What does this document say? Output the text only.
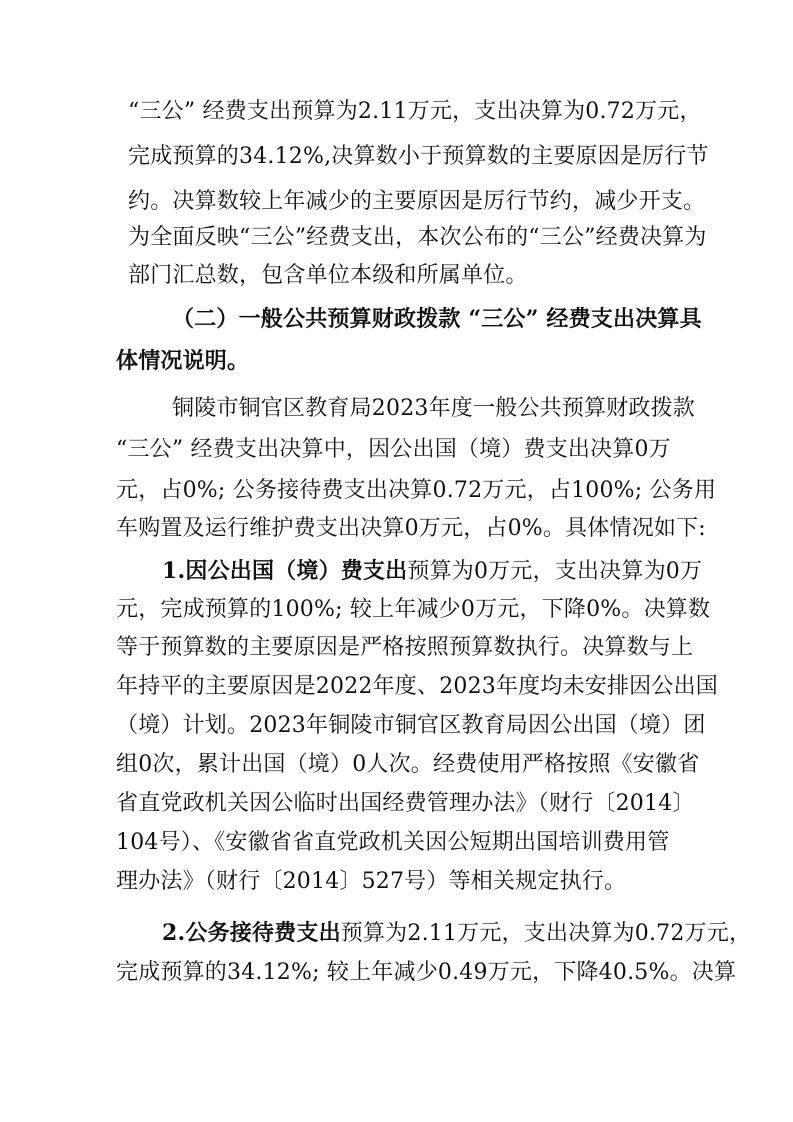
“三公” 经费支出预算为2.11万元，支出决算为0.72万元，
完成预算的34.12%,决算数小于预算数的主要原因是厉行节
约。决算数较上年减少的主要原因是厉行节约，减少开支。
为全面反映“三公”经费支出，本次公布的“三公”经费决算为
部门汇总数，包含单位本级和所属单位。
（二）一般公共预算财政拨款 “三公” 经费支出决算具
体情况说明。
铜陵市铜官区教育局2023年度一般公共预算财政拨款
“三公” 经费支出决算中，因公出国（境）费支出决算0万
元，占0%; 公务接待费支出决算0.72万元，占100%; 公务用
车购置及运行维护费支出决算0万元，占0%。具体情况如下:
1.因公出国（境）费支出预算为0万元，支出决算为0万
元，完成预算的100%; 较上年减少0万元，下降0%。决算数
等于预算数的主要原因是严格按照预算数执行。决算数与上
年持平的主要原因是2022年度、2023年度均未安排因公出国
（境）计划。2023年铜陵市铜官区教育局因公出国（境）团
组0次，累计出国（境）0人次。经费使用严格按照《安徽省
省直党政机关因公临时出国经费管理办法》（财行〔2014〕
104号）、《安徽省省直党政机关因公短期出国培训费用管
理办法》（财行〔2014〕527号）等相关规定执行。
2.公务接待费支出预算为2.11万元，支出决算为0.72万元，
完成预算的34.12%; 较上年减少0.49万元，下降40.5%。决算
